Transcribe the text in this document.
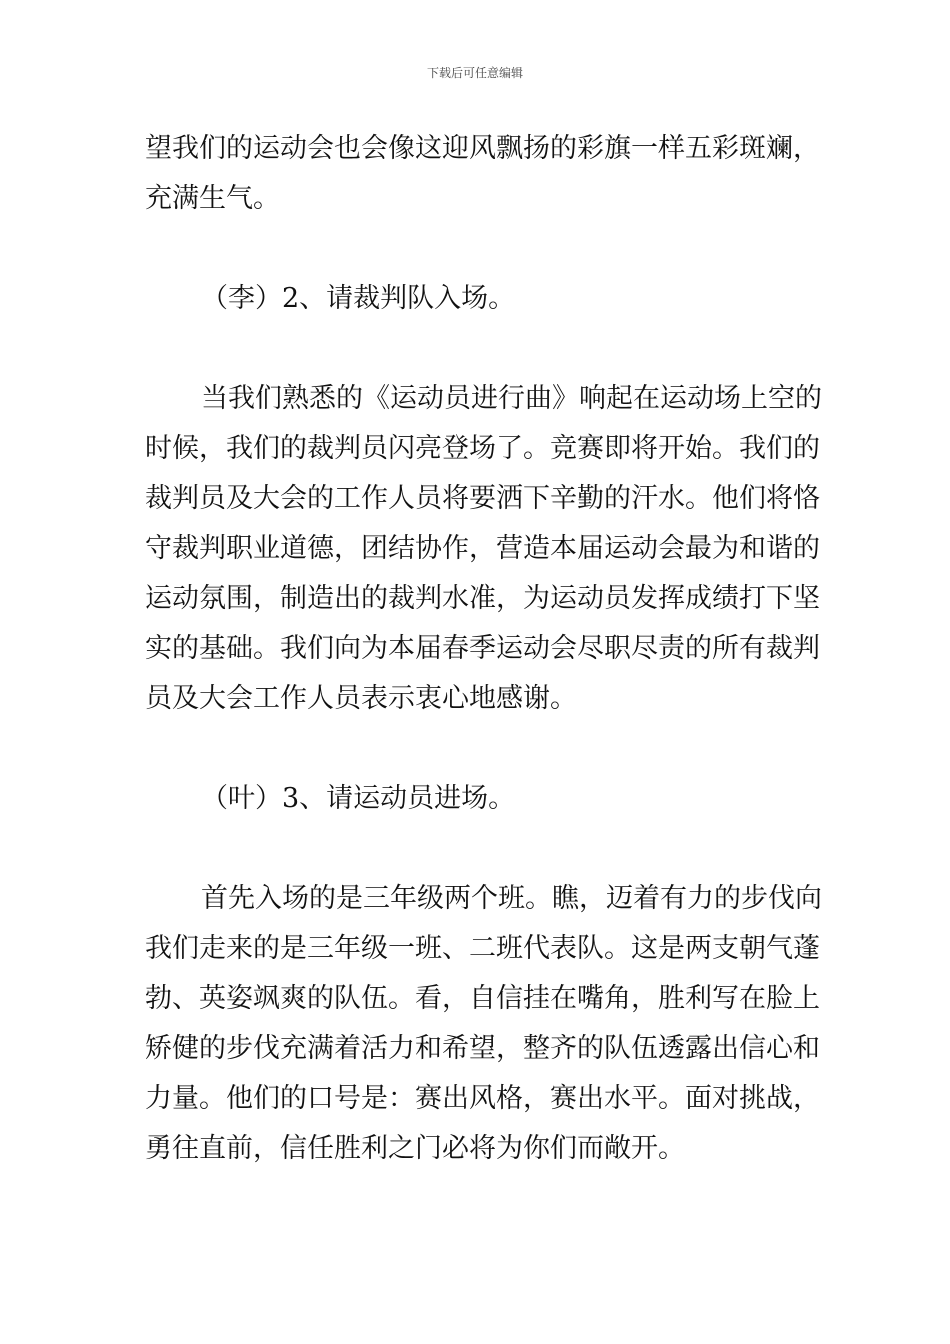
下载后可任意编辑
望我们的运动会也会像这迎风飘扬的彩旗一样五彩斑斓，
充满生气。
（李）2、请裁判队入场。
当我们熟悉的《运动员进行曲》响起在运动场上空的
时候，我们的裁判员闪亮登场了。竞赛即将开始。我们的
裁判员及大会的工作人员将要洒下辛勤的汗水。他们将恪
守裁判职业道德，团结协作，营造本届运动会最为和谐的
运动氛围，制造出的裁判水准，为运动员发挥成绩打下坚
实的基础。我们向为本届春季运动会尽职尽责的所有裁判
员及大会工作人员表示衷心地感谢。
（叶）3、请运动员进场。
首先入场的是三年级两个班。瞧，迈着有力的步伐向
我们走来的是三年级一班、二班代表队。这是两支朝气蓬
勃、英姿飒爽的队伍。看，自信挂在嘴角，胜利写在脸上
矫健的步伐充满着活力和希望，整齐的队伍透露出信心和
力量。他们的口号是：赛出风格，赛出水平。面对挑战，
勇往直前，信任胜利之门必将为你们而敞开。
